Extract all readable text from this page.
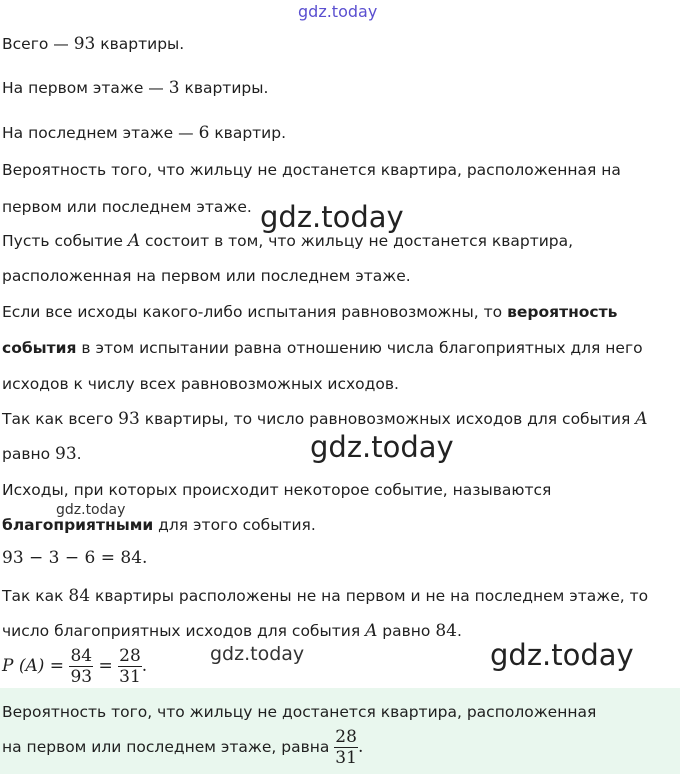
gdz.today
gdz.today
gdz.today
gdz.today
gdz.today	gdz.today
Всего — 93 квартиры.
На первом этаже — 3 квартиры.
На последнем этаже — 6 квартир.
Вероятность того, что жильцу не достанется квартира, расположенная на
первом или последнем этаже.
Пусть событие A состоит в том, что жильцу не достанется квартира,
расположенная на первом или последнем этаже.
Если все исходы какого-либо испытания равновозможны, то вероятность
события в этом испытании равна отношению числа благоприятных для него
исходов к числу всех равновозможных исходов.
Так как всего 93 квартиры, то число равновозможных исходов для события A
равно 93.
Исходы, при которых происходит некоторое событие, называются
благоприятными для этого события.
93 − 3 − 6 = 84.
Так как 84 квартиры расположены не на первом и не на последнем этаже, то
число благоприятных исходов для события A равно 84.
P $(A) = \frac{84}{93} = \frac{28}{31}$ .
Вероятность того, что жильцу не достанется квартира, расположенная
на первом или последнем этаже, равна $\frac{28}{31}$ .
